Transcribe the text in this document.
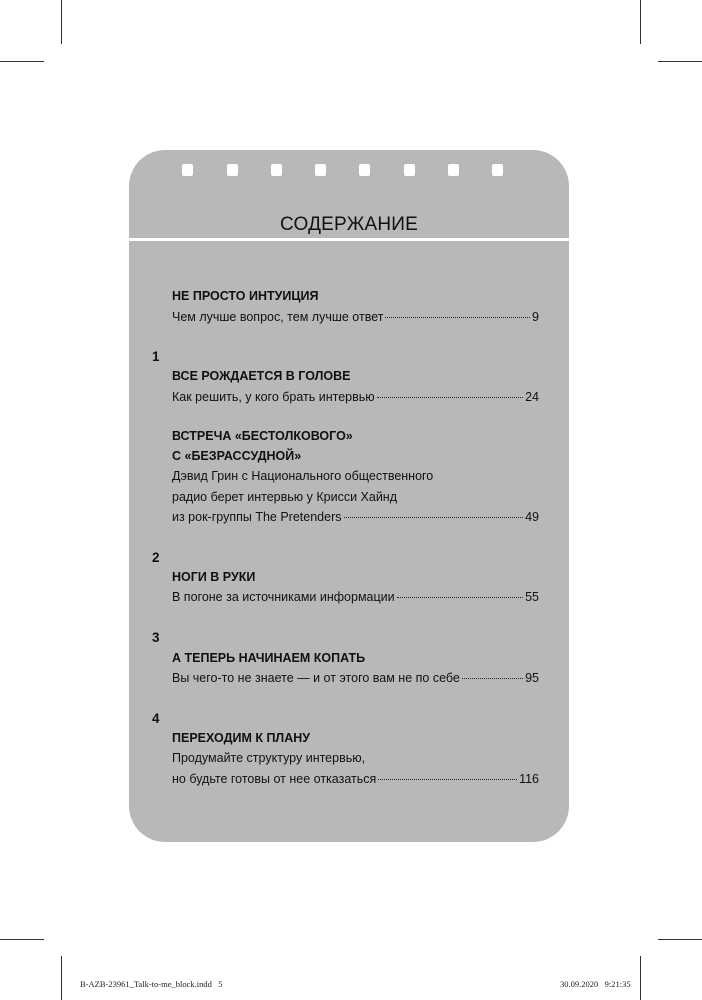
СОДЕРЖАНИЕ
НЕ ПРОСТО ИНТУИЦИЯ
Чем лучше вопрос, тем лучше ответ	9
1
ВСЕ РОЖДАЕТСЯ В ГОЛОВЕ
Как решить, у кого брать интервью	24
ВСТРЕЧА «БЕСТОЛКОВОГО»
С «БЕЗРАССУДНОЙ»
Дэвид Грин с Национального общественного
радио берет интервью у Крисси Хайнд
из рок-группы The Pretenders	49
2
НОГИ В РУКИ
В погоне за источниками информации	55
3
А ТЕПЕРЬ НАЧИНАЕМ КОПАТЬ
Вы чего-то не знаете — и от этого вам не по себе	95
4
ПЕРЕХОДИМ К ПЛАНУ
Продумайте структуру интервью,
но будьте готовы от нее отказаться	116
B-AZB-23961_Talk-to-me_block.indd   5	30.09.2020   9:21:35
